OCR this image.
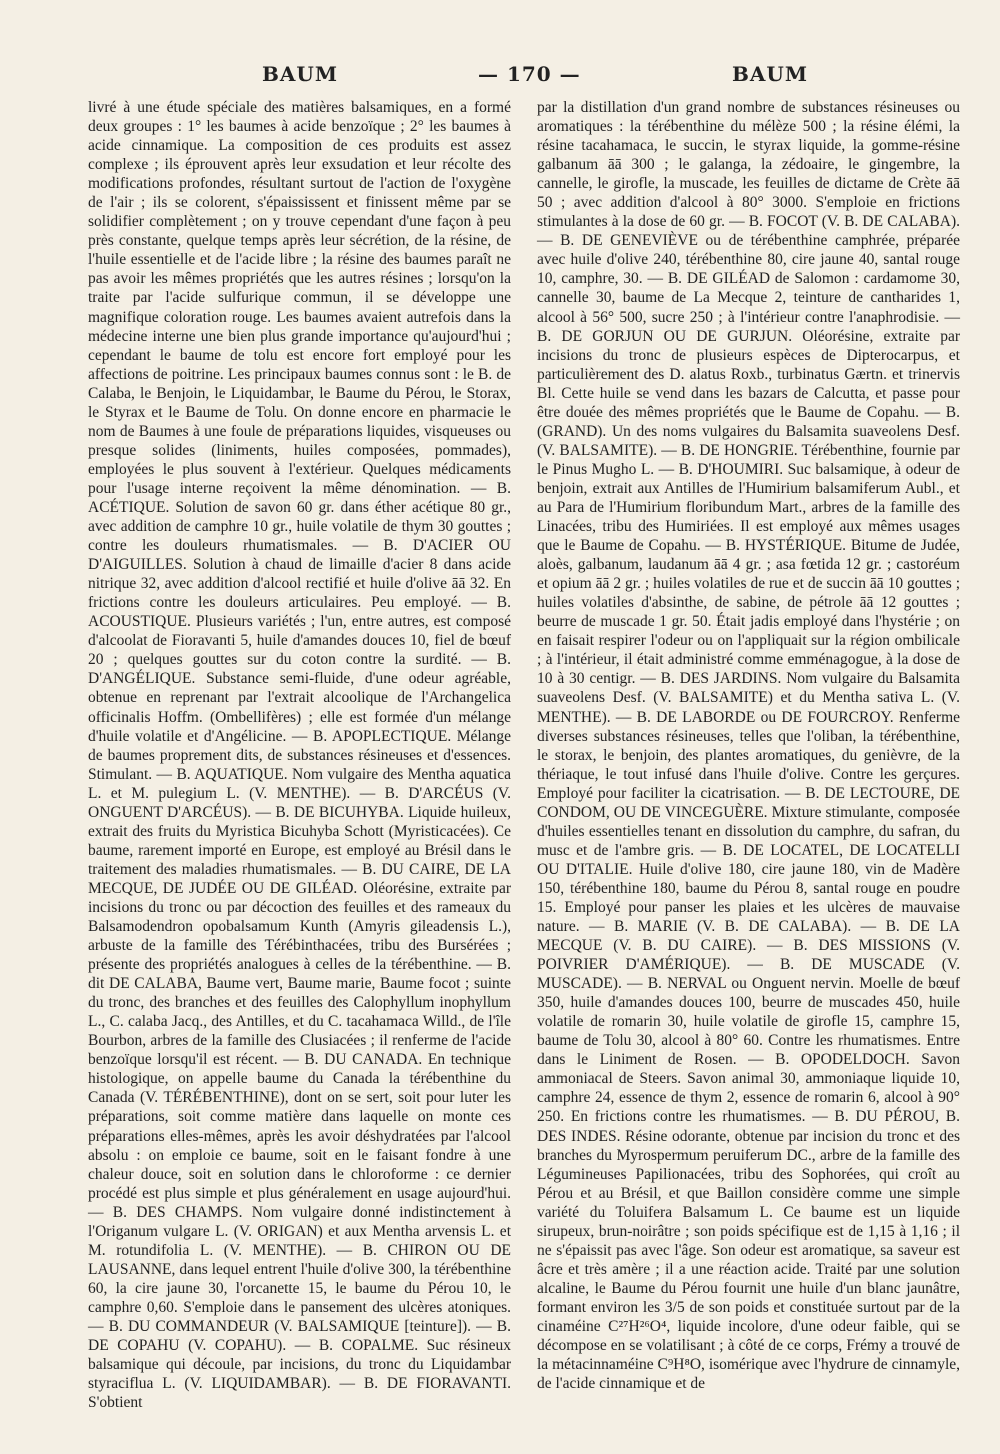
BAUM	— 170 —	BAUM

livré à une étude spéciale des matières balsamiques, en a formé deux groupes : 1° les baumes à acide benzoïque ; 2° les baumes à acide cinnamique. La composition de ces produits est assez complexe ; ils éprouvent après leur exsudation et leur récolte des modifications profondes, résultant surtout de l'action de l'oxygène de l'air ; ils se colorent, s'épaississent et finissent même par se solidifier complètement ; on y trouve cependant d'une façon à peu près constante, quelque temps après leur sécrétion, de la résine, de l'huile essentielle et de l'acide libre ; la résine des baumes paraît ne pas avoir les mêmes propriétés que les autres résines ; lorsqu'on la traite par l'acide sulfurique commun, il se développe une magnifique coloration rouge. Les baumes avaient autrefois dans la médecine interne une bien plus grande importance qu'aujourd'hui ; cependant le baume de tolu est encore fort employé pour les affections de poitrine. Les principaux baumes connus sont : le B. de Calaba, le Benjoin, le Liquidambar, le Baume du Pérou, le Storax, le Styrax et le Baume de Tolu. On donne encore en pharmacie le nom de Baumes à une foule de préparations liquides, visqueuses ou presque solides (liniments, huiles composées, pommades), employées le plus souvent à l'extérieur. Quelques médicaments pour l'usage interne reçoivent la même dénomination. — B. ACÉTIQUE. Solution de savon 60 gr. dans éther acétique 80 gr., avec addition de camphre 10 gr., huile volatile de thym 30 gouttes ; contre les douleurs rhumatismales. — B. D'ACIER OU D'AIGUILLES. Solution à chaud de limaille d'acier 8 dans acide nitrique 32, avec addition d'alcool rectifié et huile d'olive āā 32. En frictions contre les douleurs articulaires. Peu employé. — B. ACOUSTIQUE. Plusieurs variétés ; l'un, entre autres, est composé d'alcoolat de Fioravanti 5, huile d'amandes douces 10, fiel de bœuf 20 ; quelques gouttes sur du coton contre la surdité. — B. D'ANGÉLIQUE. Substance semi-fluide, d'une odeur agréable, obtenue en reprenant par l'extrait alcoolique de l'Archangelica officinalis Hoffm. (Ombellifères) ; elle est formée d'un mélange d'huile volatile et d'Angélicine. — B. APOPLECTIQUE. Mélange de baumes proprement dits, de substances résineuses et d'essences. Stimulant. — B. AQUATIQUE. Nom vulgaire des Mentha aquatica L. et M. pulegium L. (V. MENTHE). — B. D'ARCÉUS (V. ONGUENT D'ARCÉUS). — B. DE BICUHYBA. Liquide huileux, extrait des fruits du Myristica Bicuhyba Schott (Myristicacées). Ce baume, rarement importé en Europe, est employé au Brésil dans le traitement des maladies rhumatismales. — B. DU CAIRE, DE LA MECQUE, DE JUDÉE OU DE GILÉAD. Oléorésine, extraite par incisions du tronc ou par décoction des feuilles et des rameaux du Balsamodendron opobalsamum Kunth (Amyris gileadensis L.), arbuste de la famille des Térébinthacées, tribu des Bursérées ; présente des propriétés analogues à celles de la térébenthine. — B. dit DE CALABA, Baume vert, Baume marie, Baume focot ; suinte du tronc, des branches et des feuilles des Calophyllum inophyllum L., C. calaba Jacq., des Antilles, et du C. tacahamaca Willd., de l'île Bourbon, arbres de la famille des Clusiacées ; il renferme de l'acide benzoïque lorsqu'il est récent. — B. DU CANADA. En technique histologique, on appelle baume du Canada la térébenthine du Canada (V. TÉRÉBENTHINE), dont on se sert, soit pour luter les préparations, soit comme matière dans laquelle on monte ces préparations elles-mêmes, après les avoir déshydratées par l'alcool absolu : on emploie ce baume, soit en le faisant fondre à une chaleur douce, soit en solution dans le chloroforme : ce dernier procédé est plus simple et plus généralement en usage aujourd'hui. — B. DES CHAMPS. Nom vulgaire donné indistinctement à l'Origanum vulgare L. (V. ORIGAN) et aux Mentha arvensis L. et M. rotundifolia L. (V. MENTHE). — B. CHIRON OU DE LAUSANNE, dans lequel entrent l'huile d'olive 300, la térébenthine 60, la cire jaune 30, l'orcanette 15, le baume du Pérou 10, le camphre 0,60. S'emploie dans le pansement des ulcères atoniques. — B. DU COMMANDEUR (V. BALSAMIQUE [teinture]). — B. DE COPAHU (V. COPAHU). — B. COPALME. Suc résineux balsamique qui découle, par incisions, du tronc du Liquidambar styraciflua L. (V. LIQUIDAMBAR). — B. DE FIORAVANTI. S'obtient

par la distillation d'un grand nombre de substances résineuses ou aromatiques : la térébenthine du mélèze 500 ; la résine élémi, la résine tacahamaca, le succin, le styrax liquide, la gomme-résine galbanum āā 300 ; le galanga, la zédoaire, le gingembre, la cannelle, le girofle, la muscade, les feuilles de dictame de Crète āā 50 ; avec addition d'alcool à 80° 3000. S'emploie en frictions stimulantes à la dose de 60 gr. — B. FOCOT (V. B. DE CALABA). — B. DE GENEVIÈVE ou de térébenthine camphrée, préparée avec huile d'olive 240, térébenthine 80, cire jaune 40, santal rouge 10, camphre, 30. — B. DE GILÉAD de Salomon : cardamome 30, cannelle 30, baume de La Mecque 2, teinture de cantharides 1, alcool à 56° 500, sucre 250 ; à l'intérieur contre l'anaphrodisie. — B. DE GORJUN OU DE GURJUN. Oléorésine, extraite par incisions du tronc de plusieurs espèces de Dipterocarpus, et particulièrement des D. alatus Roxb., turbinatus Gærtn. et trinervis Bl. Cette huile se vend dans les bazars de Calcutta, et passe pour être douée des mêmes propriétés que le Baume de Copahu. — B. (GRAND). Un des noms vulgaires du Balsamita suaveolens Desf. (V. BALSAMITE). — B. DE HONGRIE. Térébenthine, fournie par le Pinus Mugho L. — B. D'HOUMIRI. Suc balsamique, à odeur de benjoin, extrait aux Antilles de l'Humirium balsamiferum Aubl., et au Para de l'Humirium floribundum Mart., arbres de la famille des Linacées, tribu des Humiriées. Il est employé aux mêmes usages que le Baume de Copahu. — B. HYSTÉRIQUE. Bitume de Judée, aloès, galbanum, laudanum āā 4 gr. ; asa fœtida 12 gr. ; castoréum et opium āā 2 gr. ; huiles volatiles de rue et de succin āā 10 gouttes ; huiles volatiles d'absinthe, de sabine, de pétrole āā 12 gouttes ; beurre de muscade 1 gr. 50. Était jadis employé dans l'hystérie ; on en faisait respirer l'odeur ou on l'appliquait sur la région ombilicale ; à l'intérieur, il était administré comme emménagogue, à la dose de 10 à 30 centigr. — B. DES JARDINS. Nom vulgaire du Balsamita suaveolens Desf. (V. BALSAMITE) et du Mentha sativa L. (V. MENTHE). — B. DE LABORDE ou DE FOURCROY. Renferme diverses substances résineuses, telles que l'oliban, la térébenthine, le storax, le benjoin, des plantes aromatiques, du genièvre, de la thériaque, le tout infusé dans l'huile d'olive. Contre les gerçures. Employé pour faciliter la cicatrisation. — B. DE LECTOURE, DE CONDOM, OU DE VINCEGUÈRE. Mixture stimulante, composée d'huiles essentielles tenant en dissolution du camphre, du safran, du musc et de l'ambre gris. — B. DE LOCATEL, DE LOCATELLI OU D'ITALIE. Huile d'olive 180, cire jaune 180, vin de Madère 150, térébenthine 180, baume du Pérou 8, santal rouge en poudre 15. Employé pour panser les plaies et les ulcères de mauvaise nature. — B. MARIE (V. B. DE CALABA). — B. DE LA MECQUE (V. B. DU CAIRE). — B. DES MISSIONS (V. POIVRIER D'AMÉRIQUE). — B. DE MUSCADE (V. MUSCADE). — B. NERVAL ou Onguent nervin. Moelle de bœuf 350, huile d'amandes douces 100, beurre de muscades 450, huile volatile de romarin 30, huile volatile de girofle 15, camphre 15, baume de Tolu 30, alcool à 80° 60. Contre les rhumatismes. Entre dans le Liniment de Rosen. — B. OPODELDOCH. Savon ammoniacal de Steers. Savon animal 30, ammoniaque liquide 10, camphre 24, essence de thym 2, essence de romarin 6, alcool à 90° 250. En frictions contre les rhumatismes. — B. DU PÉROU, B. DES INDES. Résine odorante, obtenue par incision du tronc et des branches du Myrospermum peruiferum DC., arbre de la famille des Légumineuses Papilionacées, tribu des Sophorées, qui croît au Pérou et au Brésil, et que Baillon considère comme une simple variété du Toluifera Balsamum L. Ce baume est un liquide sirupeux, brun-noirâtre ; son poids spécifique est de 1,15 à 1,16 ; il ne s'épaissit pas avec l'âge. Son odeur est aromatique, sa saveur est âcre et très amère ; il a une réaction acide. Traité par une solution alcaline, le Baume du Pérou fournit une huile d'un blanc jaunâtre, formant environ les 3/5 de son poids et constituée surtout par de la cinaméine C²⁷H²⁶O⁴, liquide incolore, d'une odeur faible, qui se décompose en se volatilisant ; à côté de ce corps, Frémy a trouvé de la métacinnaméine C⁹H⁸O, isomérique avec l'hydrure de cinnamyle, de l'acide cinnamique et de
